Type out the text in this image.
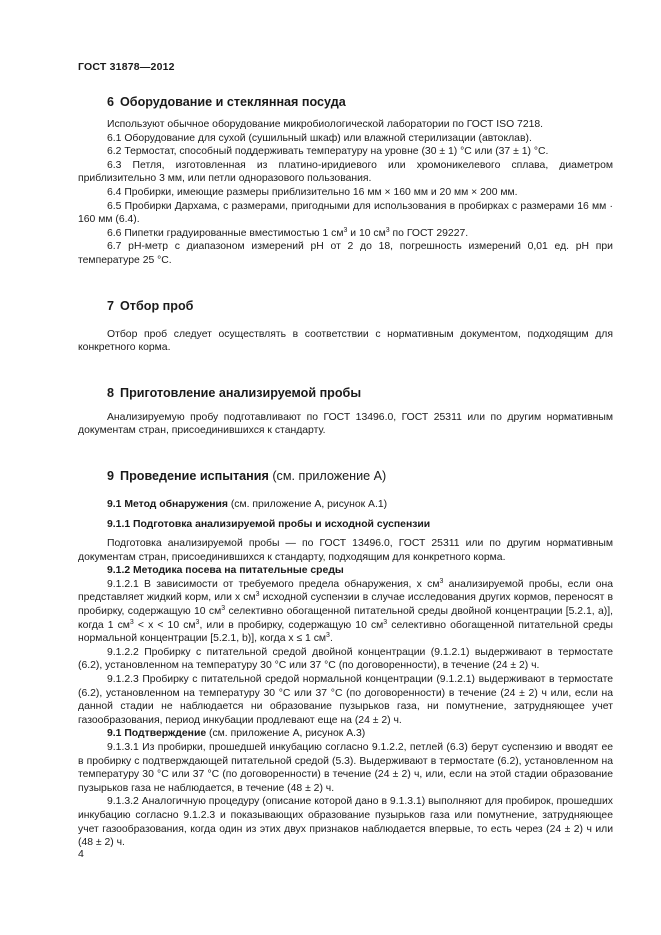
ГОСТ 31878—2012
6 Оборудование и стеклянная посуда

Используют обычное оборудование микробиологической лаборатории по ГОСТ ISO 7218.

6.1 Оборудование для сухой (сушильный шкаф) или влажной стерилизации (автоклав).

6.2 Термостат, способный поддерживать температуру на уровне (30 ± 1) °С или (37 ± 1) °С.

6.3 Петля, изготовленная из платино-иридиевого или хромоникелевого сплава, диаметром приблизительно 3 мм, или петли одноразового пользования.

6.4 Пробирки, имеющие размеры приблизительно 16 мм × 160 мм и 20 мм × 200 мм.

6.5 Пробирки Дархама, с размерами, пригодными для использования в пробирках с размерами 16 мм · 160 мм (6.4).

6.6 Пипетки градуированные вместимостью 1 $см^3$ и 10 $см^3$ по ГОСТ 29227.

6.7 pH-метр с диапазоном измерений pH от 2 до 18, погрешность измерений 0,01 ед. pH при температуре 25 °С.

7 Отбор проб

Отбор проб следует осуществлять в соответствии с нормативным документом, подходящим для конкретного корма.

8 Приготовление анализируемой пробы

Анализируемую пробу подготавливают по ГОСТ 13496.0, ГОСТ 25311 или по другим нормативным документам стран, присоединившихся к стандарту.

9 Проведение испытания (см. приложение А)

9.1 Метод обнаружения (см. приложение А, рисунок А.1)

9.1.1 Подготовка анализируемой пробы и исходной суспензии

Подготовка анализируемой пробы — по ГОСТ 13496.0, ГОСТ 25311 или по другим нормативным документам стран, присоединившихся к стандарту, подходящим для конкретного корма.

9.1.2 Методика посева на питательные среды

9.1.2.1 В зависимости от требуемого предела обнаружения, х $см^3$ анализируемой пробы, если она представляет жидкий корм, или х $см^3$ исходной суспензии в случае исследования других кормов, переносят в пробирку, содержащую 10 $см^3$ селективно обогащенной питательной среды двойной концентрации [5.2.1, а)], когда 1 $см^3 < х < 10$ $см^3$, или в пробирку, содержащую 10 $см^3$ селективно обогащенной питательной среды нормальной концентрации [5.2.1, b)], когда х ≤ 1 $см^3$.

9.1.2.2 Пробирку с питательной средой двойной концентрации (9.1.2.1) выдерживают в термостате (6.2), установленном на температуру 30 °С или 37 °С (по договоренности), в течение (24 ± 2) ч.

9.1.2.3 Пробирку с питательной средой нормальной концентрации (9.1.2.1) выдерживают в термостате (6.2), установленном на температуру 30 °С или 37 °С (по договоренности) в течение (24 ± 2) ч или, если на данной стадии не наблюдается ни образование пузырьков газа, ни помутнение, затрудняющее учет газообразования, период инкубации продлевают еще на (24 ± 2) ч.

9.1 Подтверждение (см. приложение А, рисунок А.3)

9.1.3.1 Из пробирки, прошедшей инкубацию согласно 9.1.2.2, петлей (6.3) берут суспензию и вводят ее в пробирку с подтверждающей питательной средой (5.3). Выдерживают в термостате (6.2), установленном на температуру 30 °С или 37 °С (по договоренности) в течение (24 ± 2) ч, или, если на этой стадии образование пузырьков газа не наблюдается, в течение (48 ± 2) ч.

9.1.3.2 Аналогичную процедуру (описание которой дано в 9.1.3.1) выполняют для пробирок, прошедших инкубацию согласно 9.1.2.3 и показывающих образование пузырьков газа или помутнение, затрудняющее учет газообразования, когда один из этих двух признаков наблюдается впервые, то есть через (24 ± 2) ч или (48 ± 2) ч.

4
